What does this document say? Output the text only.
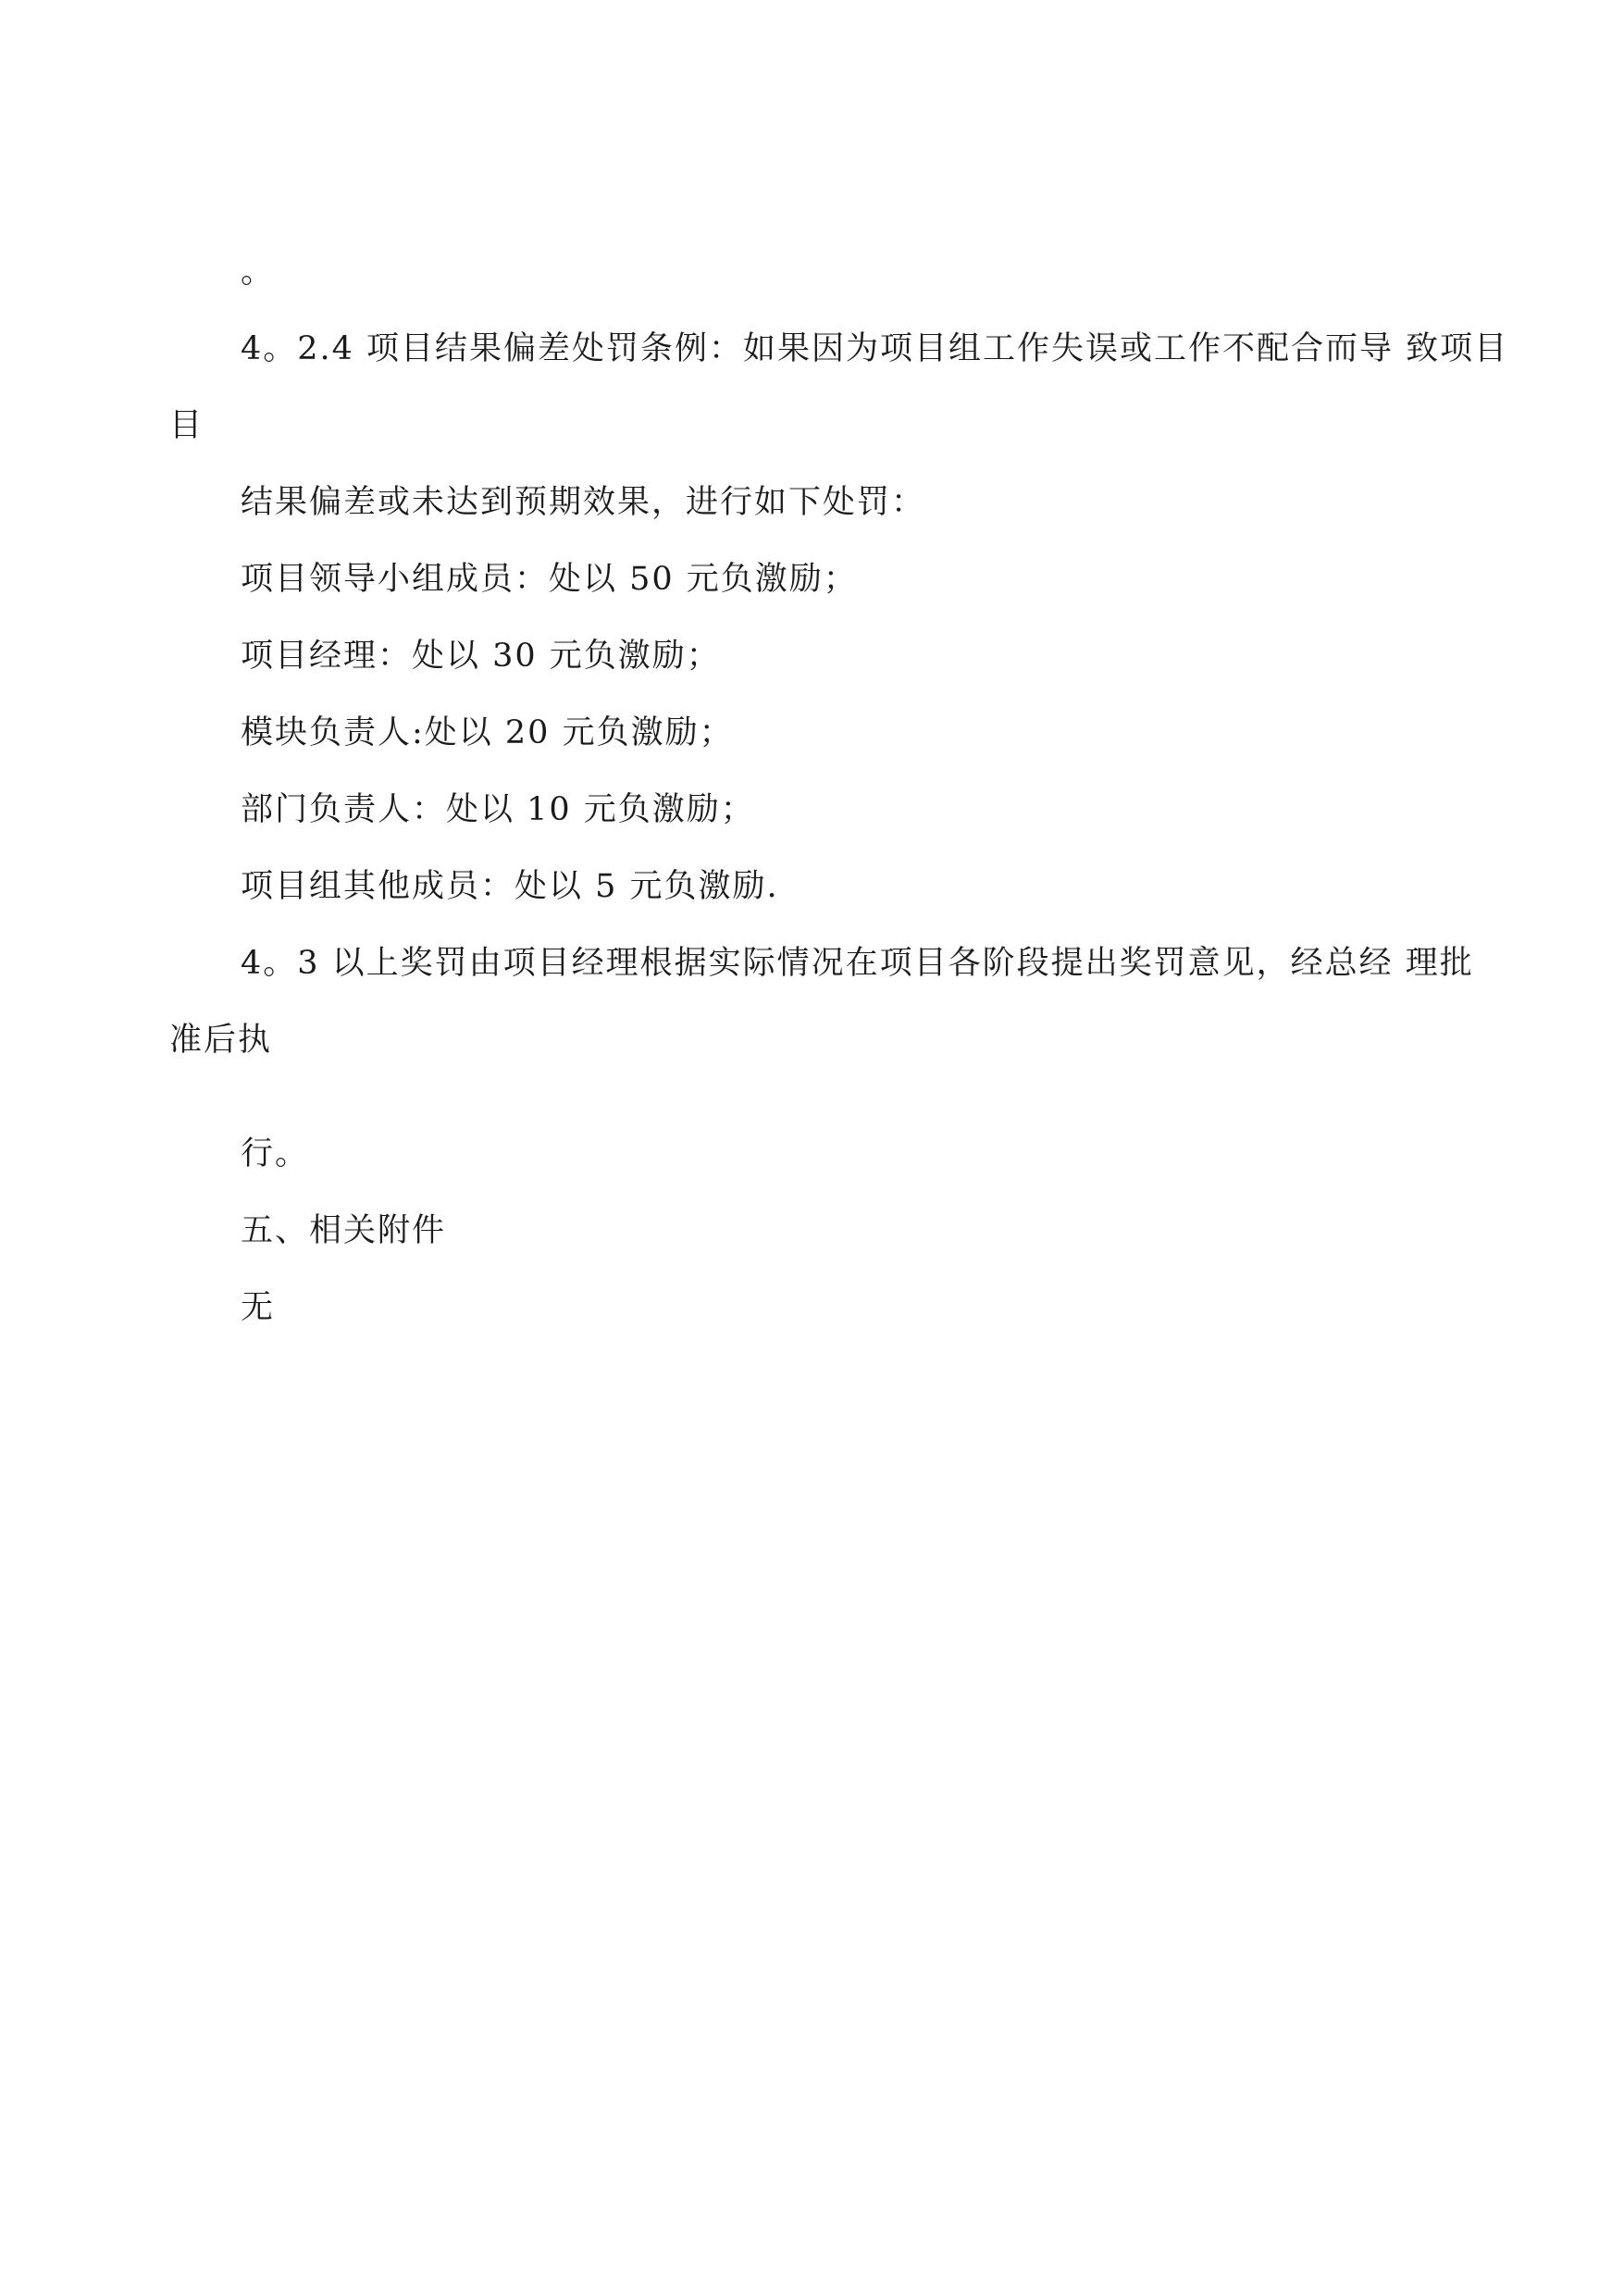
。
4。2.4 项目结果偏差处罚条例：如果因为项目组工作失误或工作不配合而导 致项目
目
结果偏差或未达到预期效果，进行如下处罚：
项目领导小组成员：处以 50 元负激励；
项目经理：处以 30 元负激励；
模块负责人:处以 20 元负激励；
部门负责人：处以 10 元负激励；
项目组其他成员：处以 5 元负激励.
4。3 以上奖罚由项目经理根据实际情况在项目各阶段提出奖罚意见，经总经 理批
准后执
行。
五、相关附件
无
